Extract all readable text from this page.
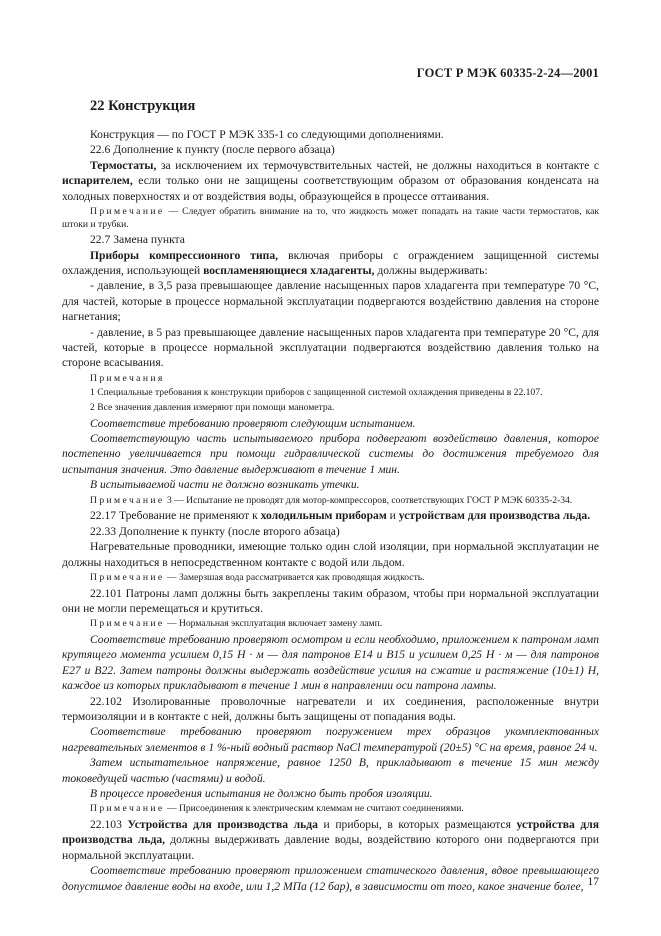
ГОСТ Р МЭК 60335-2-24—2001
22 Конструкция

Конструкция — по ГОСТ Р МЭК 335-1 со следующими дополнениями.

22.6 Дополнение к пункту (после первого абзаца)

Термостаты, за исключением их термочувствительных частей, не должны находиться в контакте с испарителем, если только они не защищены соответствующим образом от образования конденсата на холодных поверхностях и от воздействия воды, образующейся в процессе оттаивания.

Примечание — Следует обратить внимание на то, что жидкость может попадать на такие части термостатов, как штоки и трубки.

22.7 Замена пункта

Приборы компрессионного типа, включая приборы с ограждением защищенной системы охлаждения, использующей воспламеняющиеся хладагенты, должны выдерживать:

- давление, в 3,5 раза превышающее давление насыщенных паров хладагента при температуре 70 °С, для частей, которые в процессе нормальной эксплуатации подвергаются воздействию давления на стороне нагнетания;

- давление, в 5 раз превышающее давление насыщенных паров хладагента при температуре 20 °С, для частей, которые в процессе нормальной эксплуатации подвергаются воздействию давления только на стороне всасывания.

Примечания

1 Специальные требования к конструкции приборов с защищенной системой охлаждения приведены в 22.107.

2 Все значения давления измеряют при помощи манометра.

Соответствие требованию проверяют следующим испытанием.

Соответствующую часть испытываемого прибора подвергают воздействию давления, которое постепенно увеличивается при помощи гидравлической системы до достижения требуемого для испытания значения. Это давление выдерживают в течение 1 мин.

В испытываемой части не должно возникать утечки.

Примечание 3 — Испытание не проводят для мотор-компрессоров, соответствующих ГОСТ Р МЭК 60335-2-34.

22.17 Требование не применяют к холодильным приборам и устройствам для производства льда.

22.33 Дополнение к пункту (после второго абзаца)

Нагревательные проводники, имеющие только один слой изоляции, при нормальной эксплуатации не должны находиться в непосредственном контакте с водой или льдом.

Примечание — Замерзшая вода рассматривается как проводящая жидкость.

22.101 Патроны ламп должны быть закреплены таким образом, чтобы при нормальной эксплуатации они не могли перемещаться и крутиться.

Примечание — Нормальная эксплуатация включает замену ламп.

Соответствие требованию проверяют осмотром и если необходимо, приложением к патронам ламп крутящего момента усилием 0,15 Н · м — для патронов Е14 и В15 и усилием 0,25 Н · м — для патронов Е27 и В22. Затем патроны должны выдержать воздействие усилия на сжатие и растяжение (10±1) Н, каждое из которых прикладывают в течение 1 мин в направлении оси патрона лампы.

22.102 Изолированные проволочные нагреватели и их соединения, расположенные внутри термоизоляции и в контакте с ней, должны быть защищены от попадания воды.

Соответствие требованию проверяют погружением трех образцов укомплектованных нагревательных элементов в 1 %-ный водный раствор NaCl температурой (20±5) °С на время, равное 24 ч.

Затем испытательное напряжение, равное 1250 В, прикладывают в течение 15 мин между токоведущей частью (частями) и водой.

В процессе проведения испытания не должно быть пробоя изоляции.

Примечание — Присоединения к электрическим клеммам не считают соединениями.

22.103 Устройства для производства льда и приборы, в которых размещаются устройства для производства льда, должны выдерживать давление воды, воздействию которого они подвергаются при нормальной эксплуатации.

Соответствие требованию проверяют приложением статического давления, вдвое превышающего допустимое давление воды на входе, или 1,2 МПа (12 бар), в зависимости от того, какое значение более, 17
